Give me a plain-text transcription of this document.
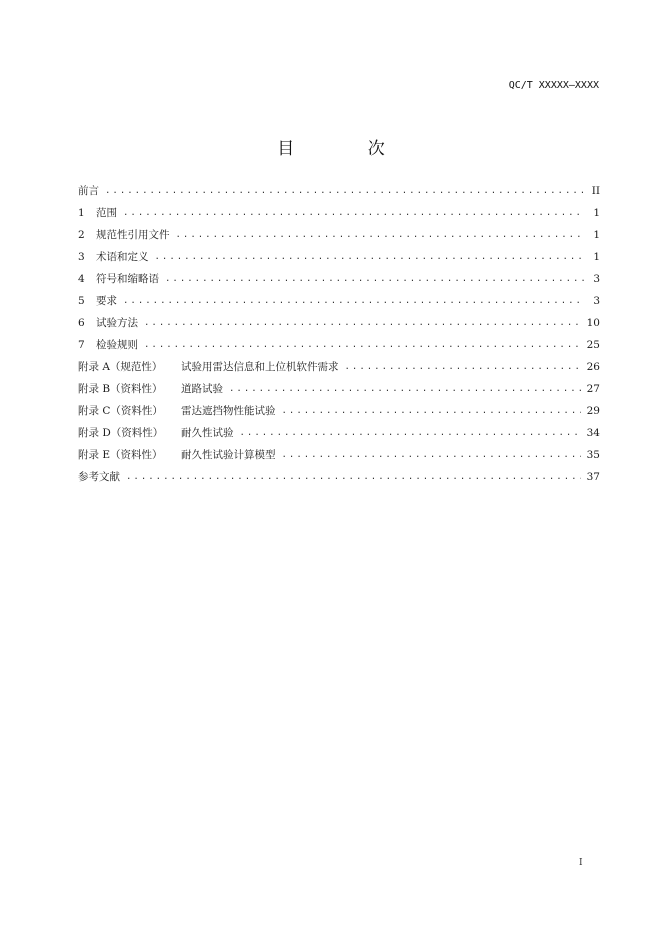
QC/T XXXXX—XXXX
目 次
前言 .....	II
1	范围 .....	1
2	规范性引用文件 .....	1
3	术语和定义 .....	1
4	符号和缩略语 .....	3
5	要求 .....	3
6	试验方法 .....	10
7	检验规则 .....	25
附录 A（规范性）	试验用雷达信息和上位机软件需求 .....	26
附录 B（资料性）	道路试验 .....	27
附录 C（资料性）	雷达遮挡物性能试验 .....	29
附录 D（资料性）	耐久性试验 .....	34
附录 E（资料性）	耐久性试验计算模型 .....	35
参考文献 .....	37
I
